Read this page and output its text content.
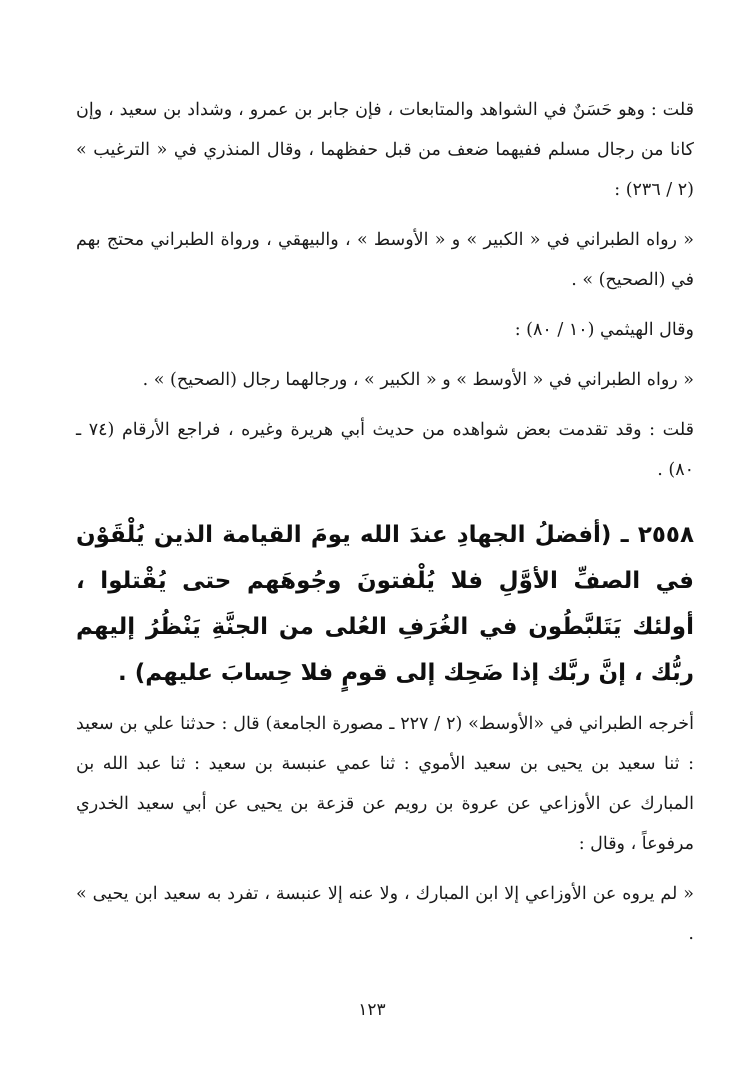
قلت : وهو حَسَنٌ في الشواهد والمتابعات ، فإن جابر بن عمرو ، وشداد بن سعيد ، وإن كانا من رجال مسلم ففيهما ضعف من قبل حفظهما ، وقال المنذري في « الترغيب » (٢ / ٢٣٦) :

« رواه الطبراني في « الكبير » و « الأوسط » ، والبيهقي ، ورواة الطبراني محتج بهم في (الصحيح) » .

وقال الهيثمي (١٠ / ٨٠) :

« رواه الطبراني في « الأوسط » و « الكبير » ، ورجالهما رجال (الصحيح) » .

قلت : وقد تقدمت بعض شواهده من حديث أبي هريرة وغيره ، فراجع الأرقام (٧٤ ـ ٨٠) .

٢٥٥٨ ـ (أفضلُ الجهادِ عندَ الله يومَ القيامة الذين يُلْقَوْن في الصفِّ الأوَّلِ فلا يُلْفتونَ وجُوهَهم حتى يُقْتلوا ، أولئك يَتَلبَّطُون في الغُرَفِ العُلى من الجنَّةِ يَنْظُرُ إليهم ربُّك ، إنَّ ربَّك إذا ضَحِك إلى قومٍ فلا حِسابَ عليهم) .

أخرجه الطبراني في «الأوسط» (٢ / ٢٢٧ ـ مصورة الجامعة) قال : حدثنا علي بن سعيد : ثنا سعيد بن يحيى بن سعيد الأموي : ثنا عمي عنبسة بن سعيد : ثنا عبد الله بن المبارك عن الأوزاعي عن عروة بن رويم عن قزعة بن يحيى عن أبي سعيد الخدري مرفوعاً ، وقال :

« لم يروه عن الأوزاعي إلا ابن المبارك ، ولا عنه إلا عنبسة ، تفرد به سعيد ابن يحيى » .

١٢٣
